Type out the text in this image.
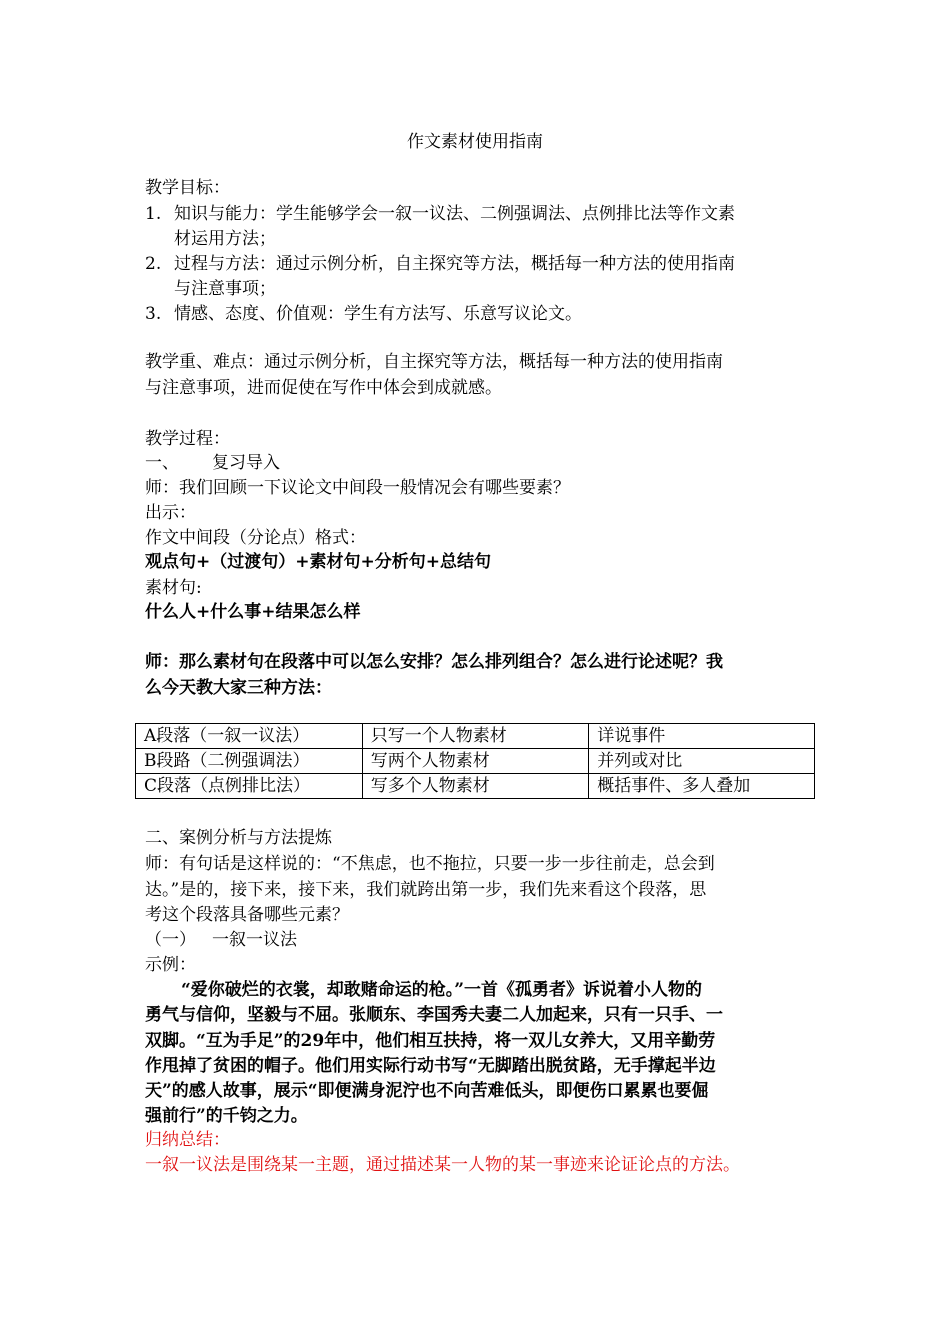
作文素材使用指南
教学目标：
1. 知识与能力：学生能够学会一叙一议法、二例强调法、点例排比法等作文素
材运用方法；
2. 过程与方法：通过示例分析，自主探究等方法，概括每一种方法的使用指南
与注意事项；
3. 情感、态度、价值观：学生有方法写、乐意写议论文。
教学重、难点：通过示例分析，自主探究等方法，概括每一种方法的使用指南
与注意事项，进而促使在写作中体会到成就感。
教学过程：
一、 复习导入
师：我们回顾一下议论文中间段一般情况会有哪些要素？
出示：
作文中间段（分论点）格式：
观点句+（过渡句）+素材句+分析句+总结句
素材句:
什么人+什么事+结果怎么样
师：那么素材句在段落中可以怎么安排？怎么排列组合？怎么进行论述呢？我
么今天教大家三种方法：
A段落（一叙一议法）	只写一个人物素材	详说事件
B段路（二例强调法）	写两个人物素材	并列或对比
C段落（点例排比法）	写多个人物素材	概括事件、多人叠加
二、案例分析与方法提炼
师：有句话是这样说的：“不焦虑，也不拖拉，只要一步一步往前走，总会到
达。”是的，接下来，接下来，我们就跨出第一步，我们先来看这个段落，思
考这个段落具备哪些元素？
（一） 一叙一议法
示例：
“爱你破烂的衣裳，却敢赌命运的枪。”一首《孤勇者》诉说着小人物的
勇气与信仰，坚毅与不屈。张顺东、李国秀夫妻二人加起来，只有一只手、一
双脚。“互为手足”的29年中，他们相互扶持，将一双儿女养大，又用辛勤劳
作甩掉了贫困的帽子。他们用实际行动书写“无脚踏出脱贫路，无手撑起半边
天”的感人故事，展示“即便满身泥泞也不向苦难低头，即便伤口累累也要倔
强前行”的千钧之力。
归纳总结：
一叙一议法是围绕某一主题，通过描述某一人物的某一事迹来论证论点的方法。
